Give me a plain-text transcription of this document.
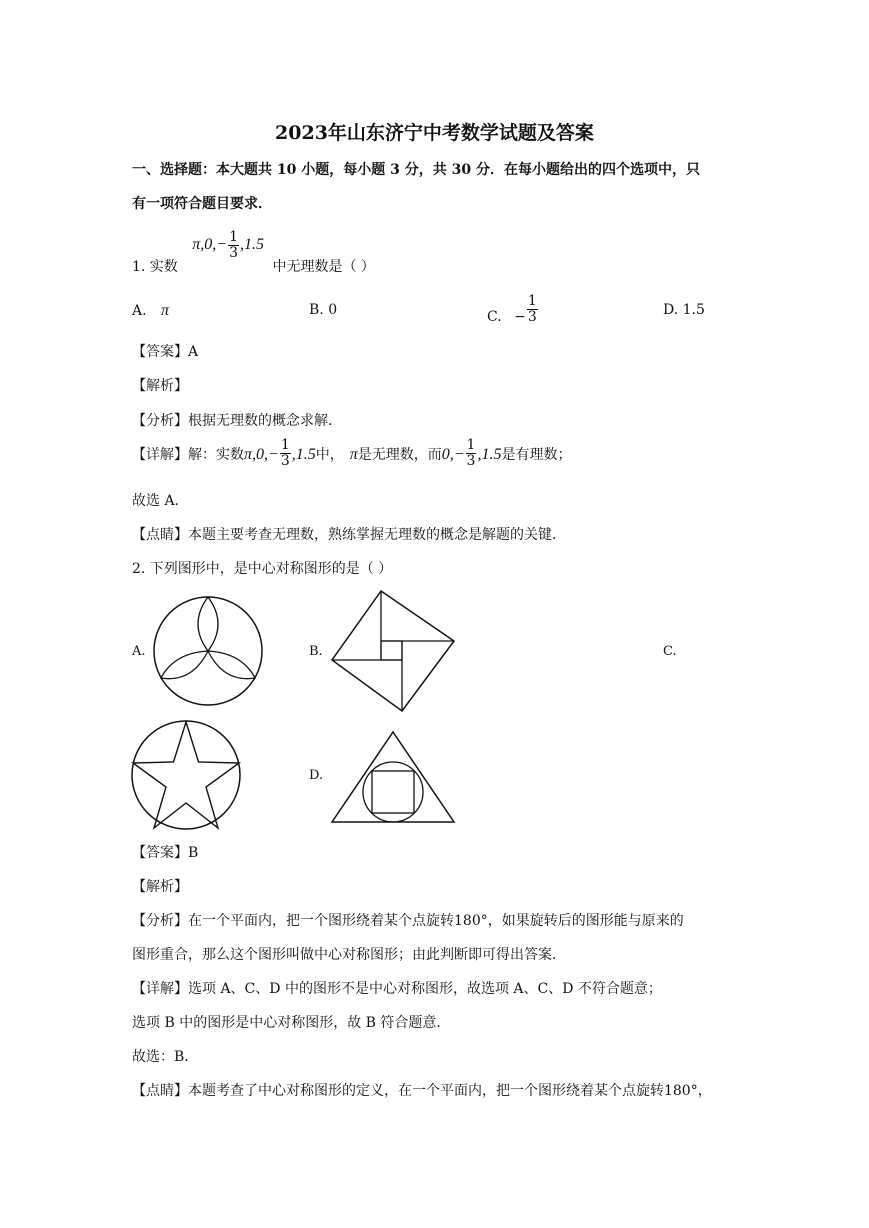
2023年山东济宁中考数学试题及答案
一、选择题：本大题共 10 小题，每小题 3 分，共 30 分．在每小题给出的四个选项中，只
有一项符合题目要求．
1. 实数 $\pi,0,- \frac{1}{3} ,1.5$ 中无理数是（ ）
A. π	B. 0	C. − $\frac{1}{3}$	D. 1.5
【答案】A
【解析】
【分析】根据无理数的概念求解．
【详解】解：实数$\pi,0,- \frac{1}{3} ,1.5$中， π是无理数，而$0,- \frac{1}{3} ,1.5$是有理数；
故选 A．
【点睛】本题主要考查无理数，熟练掌握无理数的概念是解题的关键．
2. 下列图形中，是中心对称图形的是（ ）
A.	B.	C.
D.
【答案】B
【解析】
【分析】在一个平面内，把一个图形绕着某个点旋转180°，如果旋转后的图形能与原来的
图形重合，那么这个图形叫做中心对称图形；由此判断即可得出答案．
【详解】选项 A、C、D 中的图形不是中心对称图形，故选项 A、C、D 不符合题意；
选项 B 中的图形是中心对称图形，故 B 符合题意．
故选：B．
【点睛】本题考查了中心对称图形的定义，在一个平面内，把一个图形绕着某个点旋转180°，
